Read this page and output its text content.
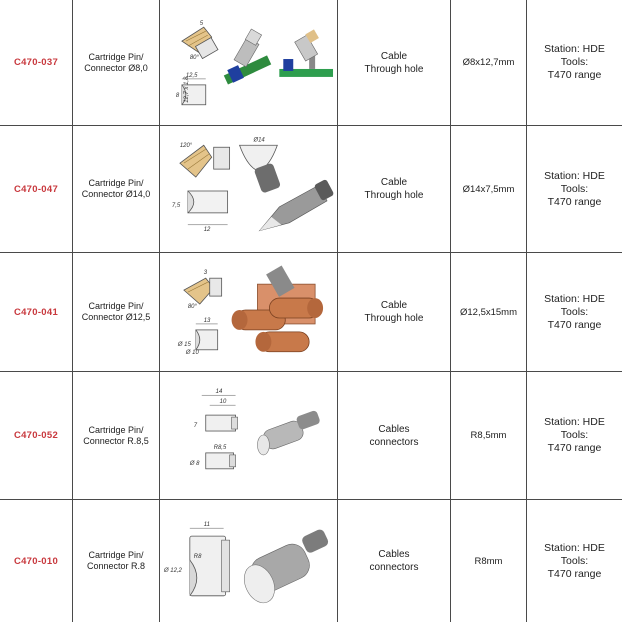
C470-037
Cartridge Pin/
Connector Ø8,0
5
80°
12,5
12,7 x 1,8
8
Cable
Through hole
Ø8x12,7mm
Station: HDE
Tools:
T470 range
C470-047
Cartridge Pin/
Connector Ø14,0
120°
7,5
12
Ø14
Cable
Through hole
Ø14x7,5mm
Station: HDE
Tools:
T470 range
C470-041
Cartridge Pin/
Connector Ø12,5
3
80°
13
Ø 15
Ø 10
Cable
Through hole
Ø12,5x15mm
Station: HDE
Tools:
T470 range
C470-052
Cartridge Pin/
Connector R.8,5
14
10
7
R8,5
Ø 8
Cables
connectors
R8,5mm
Station: HDE
Tools:
T470 range
C470-010
Cartridge Pin/
Connector R.8
11
R8
Ø 12,2
Cables
connectors
R8mm
Station: HDE
Tools:
T470 range
